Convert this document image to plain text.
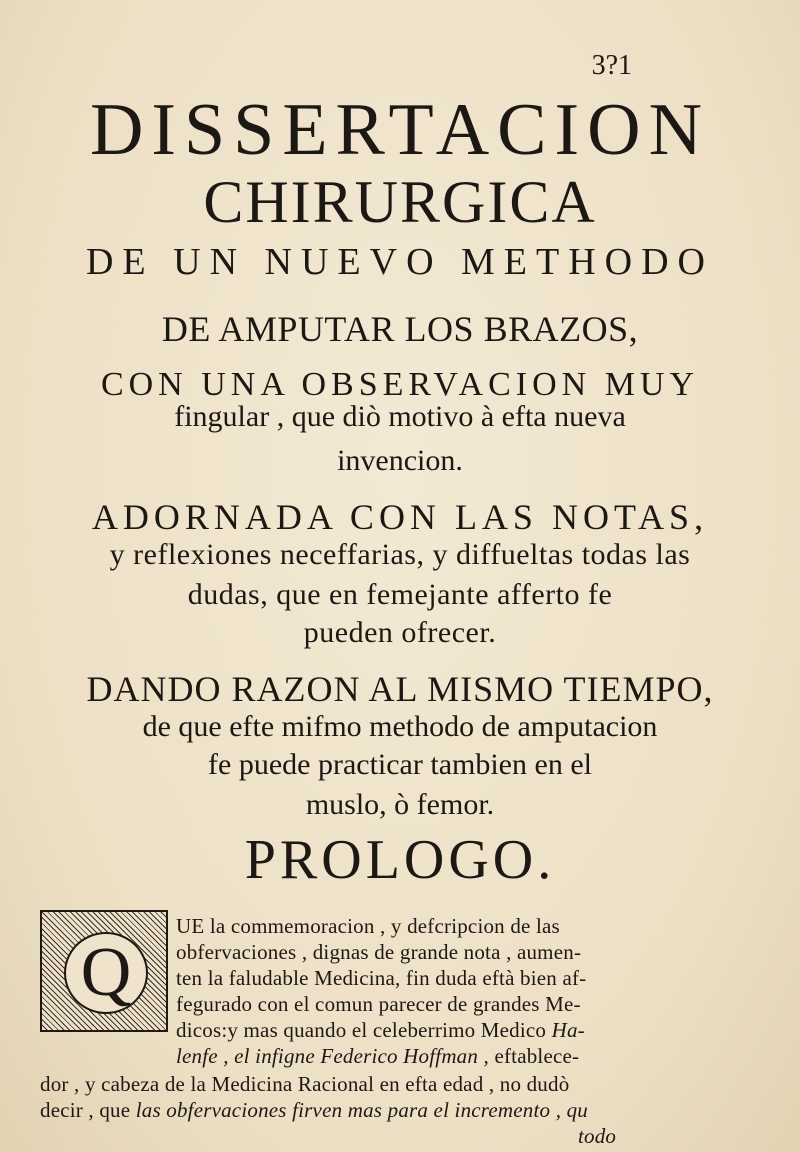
3?1
DISSERTACION
CHIRURGICA
DE UN NUEVO METHODO
DE AMPUTAR LOS BRAZOS,
CON UNA OBSERVACION MUY
fingular , que diò motivo à efta nueva
invencion.
ADORNADA CON LAS NOTAS,
y reflexiones neceffarias, y diffueltas todas las
dudas, que en femejante afferto fe
pueden ofrecer.
DANDO RAZON AL MISMO TIEMPO,
de que efte mifmo methodo de amputacion
fe puede practicar tambien en el
muslo, ò femor.
PROLOGO.
Q
UE la commemoracion , y defcripcion de las
obfervaciones , dignas de grande nota , aumen-
ten la faludable Medicina, fin duda eftà bien af-
fegurado con el comun parecer de grandes Me-
dicos:y mas quando el celeberrimo Medico Ha-
lenfe , el infigne Federico Hoffman , eftablece-
dor , y cabeza de la Medicina Racional en efta edad , no dudò
decir , que las obfervaciones firven mas para el incremento , qu
todo
